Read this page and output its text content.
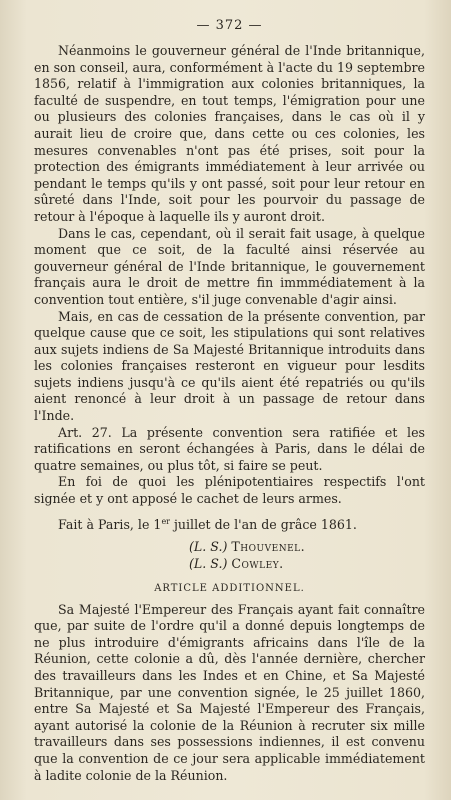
— 372 —

Néanmoins le gouverneur général de l'Inde britannique, en son conseil, aura, conformément à l'acte du 19 septembre 1856, relatif à l'immigration aux colonies britanniques, la faculté de suspendre, en tout temps, l'émigration pour une ou plusieurs des colonies françaises, dans le cas où il y aurait lieu de croire que, dans cette ou ces colonies, les mesures convenables n'ont pas été prises, soit pour la protection des émigrants immédiatement à leur arrivée ou pendant le temps qu'ils y ont passé, soit pour leur retour en sûreté dans l'Inde, soit pour les pourvoir du passage de retour à l'époque à laquelle ils y auront droit.

Dans le cas, cependant, où il serait fait usage, à quelque moment que ce soit, de la faculté ainsi réservée au gouverneur général de l'Inde britannique, le gouvernement français aura le droit de mettre fin immmédiatement à la convention tout entière, s'il juge convenable d'agir ainsi.

Mais, en cas de cessation de la présente convention, par quelque cause que ce soit, les stipulations qui sont relatives aux sujets indiens de Sa Majesté Britannique introduits dans les colonies françaises resteront en vigueur pour lesdits sujets indiens jusqu'à ce qu'ils aient été repatriés ou qu'ils aient renoncé à leur droit à un passage de retour dans l'Inde.

Art. 27. La présente convention sera ratifiée et les ratifications en seront échangées à Paris, dans le délai de quatre semaines, ou plus tôt, si faire se peut.

En foi de quoi les plénipotentiaires respectifs l'ont signée et y ont apposé le cachet de leurs armes.

Fait à Paris, le 1er juillet de l'an de grâce 1861.
(L. S.) Thouvenel.
(L. S.) Cowley.
ARTICLE ADDITIONNEL.

Sa Majesté l'Empereur des Français ayant fait connaître que, par suite de l'ordre qu'il a donné depuis longtemps de ne plus introduire d'émigrants africains dans l'île de la Réunion, cette colonie a dû, dès l'année dernière, chercher des travailleurs dans les Indes et en Chine, et Sa Majesté Britannique, par une convention signée, le 25 juillet 1860, entre Sa Majesté et Sa Majesté l'Empereur des Français, ayant autorisé la colonie de la Réunion à recruter six mille travailleurs dans ses possessions indiennes, il est convenu que la convention de ce jour sera applicable immédiatement à ladite colonie de la Réunion.
